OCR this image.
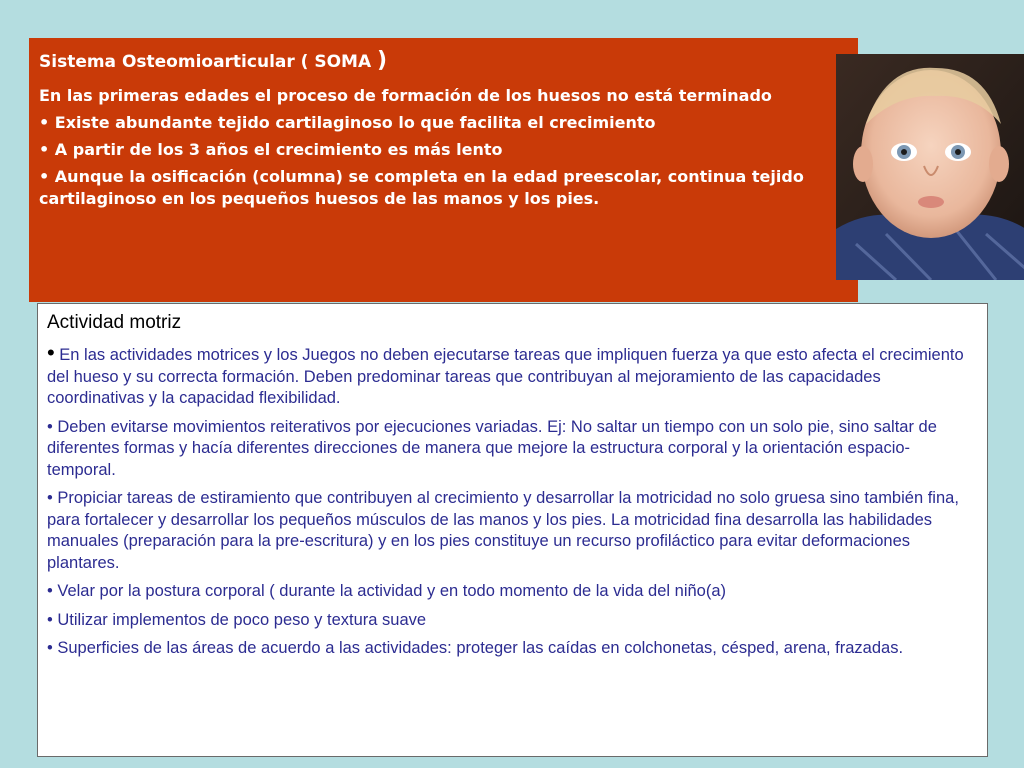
Sistema Osteomioarticular ( SOMA )

En las primeras edades el proceso de formación de los huesos no está terminado

• Existe abundante tejido cartilaginoso lo que facilita el crecimiento

• A partir de los 3 años el crecimiento es más lento

• Aunque la osificación (columna) se completa en la edad preescolar, continua tejido cartilaginoso en los pequeños huesos de las manos y los pies.

Actividad motriz

• En las actividades motrices y los Juegos no deben ejecutarse tareas que impliquen fuerza ya que esto afecta el crecimiento del hueso y su correcta formación. Deben predominar tareas que contribuyan al mejoramiento de las capacidades coordinativas y la capacidad flexibilidad.

• Deben evitarse movimientos reiterativos por ejecuciones variadas. Ej: No saltar un tiempo con un solo pie, sino saltar de diferentes formas y hacía diferentes direcciones de manera que mejore la estructura corporal y la orientación espacio-temporal.

• Propiciar tareas de estiramiento que contribuyen al crecimiento y desarrollar la motricidad no solo gruesa sino también fina, para fortalecer y desarrollar los pequeños músculos de las manos y los pies. La motricidad fina desarrolla las habilidades manuales (preparación para la pre-escritura) y en los pies constituye un recurso profiláctico para evitar deformaciones plantares.

• Velar por la postura corporal ( durante la actividad y en todo momento de la vida del niño(a)

• Utilizar implementos de poco peso y textura suave

• Superficies de las áreas de acuerdo a las actividades: proteger las caídas en colchonetas, césped, arena, frazadas.
